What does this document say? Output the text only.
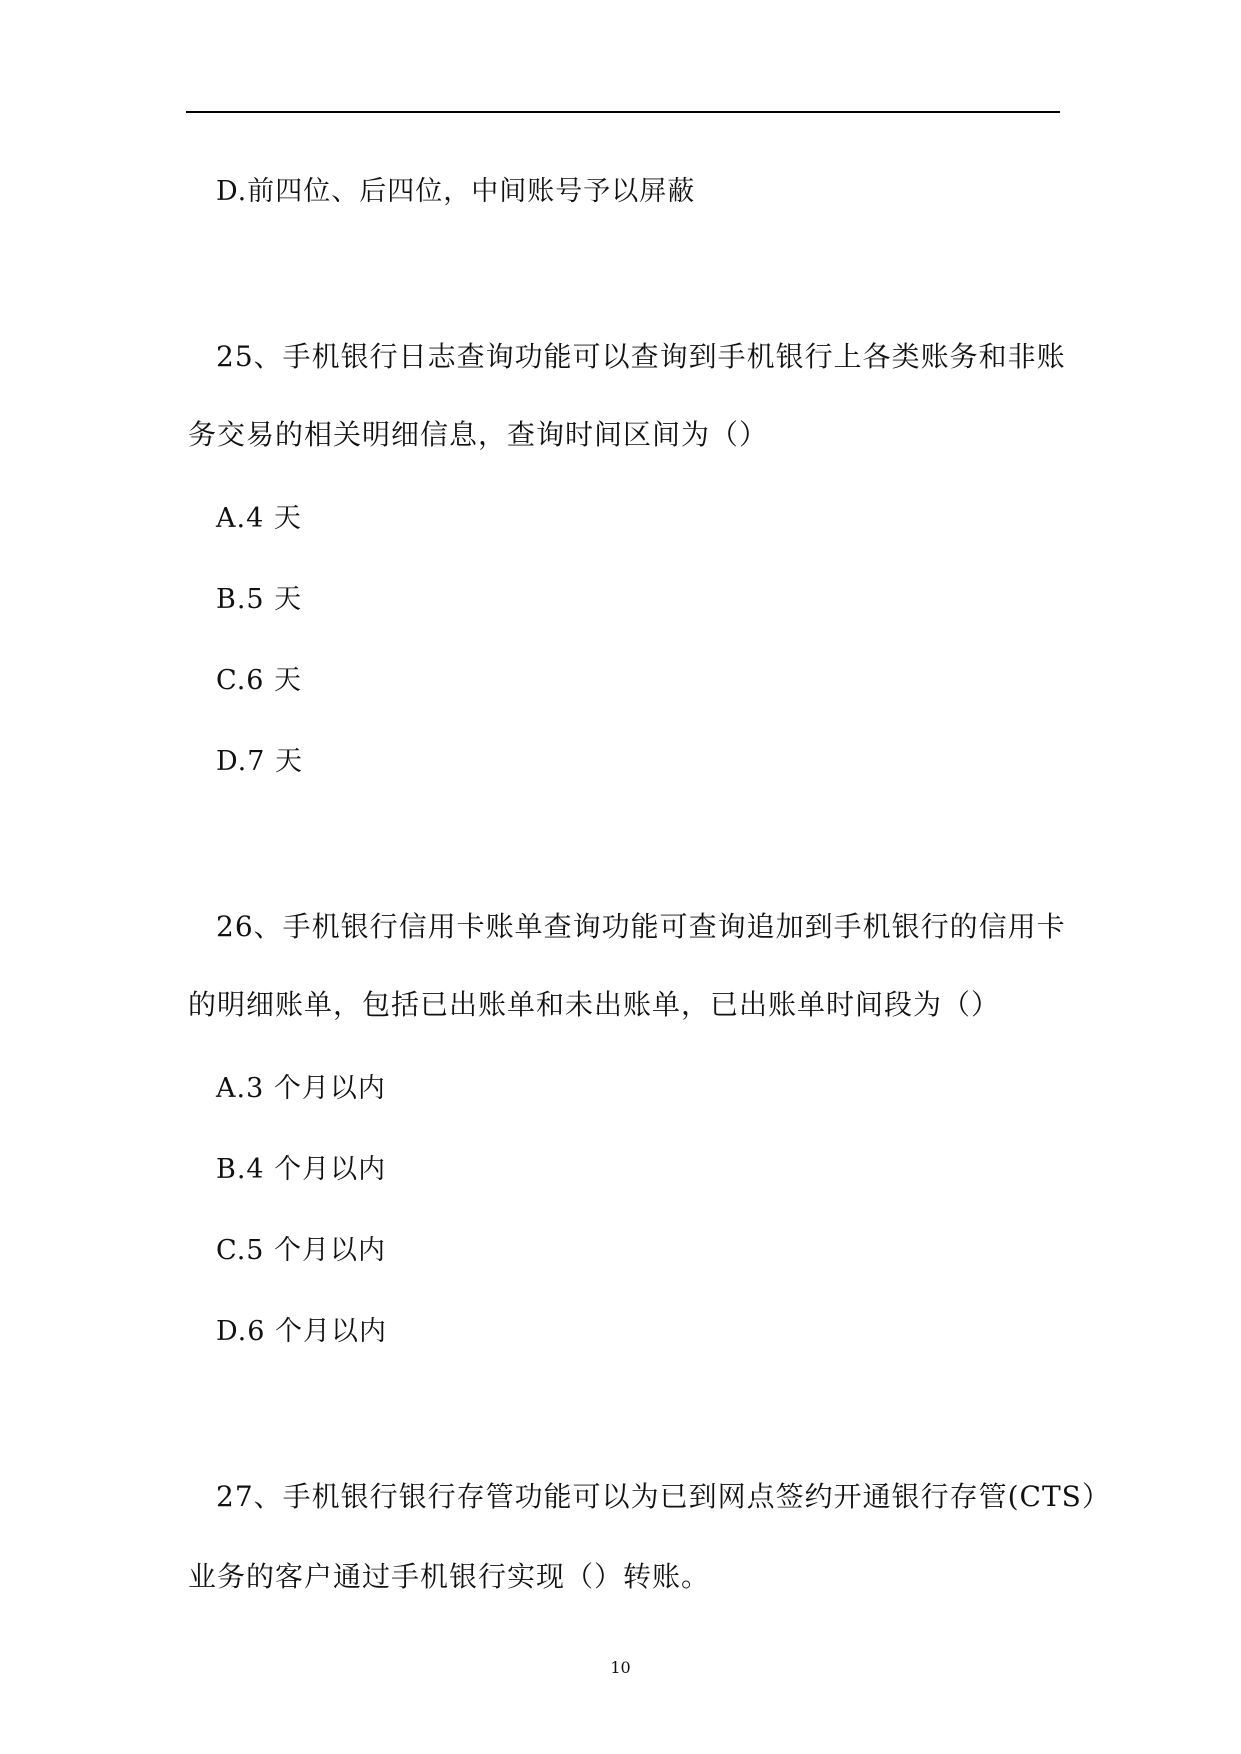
D.前四位、后四位，中间账号予以屏蔽
25、手机银行日志查询功能可以查询到手机银行上各类账务和非账
务交易的相关明细信息，查询时间区间为（）
A.4 天
B.5 天
C.6 天
D.7 天
26、手机银行信用卡账单查询功能可查询追加到手机银行的信用卡
的明细账单，包括已出账单和未出账单，已出账单时间段为（）
A.3 个月以内
B.4 个月以内
C.5 个月以内
D.6 个月以内
27、手机银行银行存管功能可以为已到网点签约开通银行存管(CTS）
业务的客户通过手机银行实现（）转账。
10
